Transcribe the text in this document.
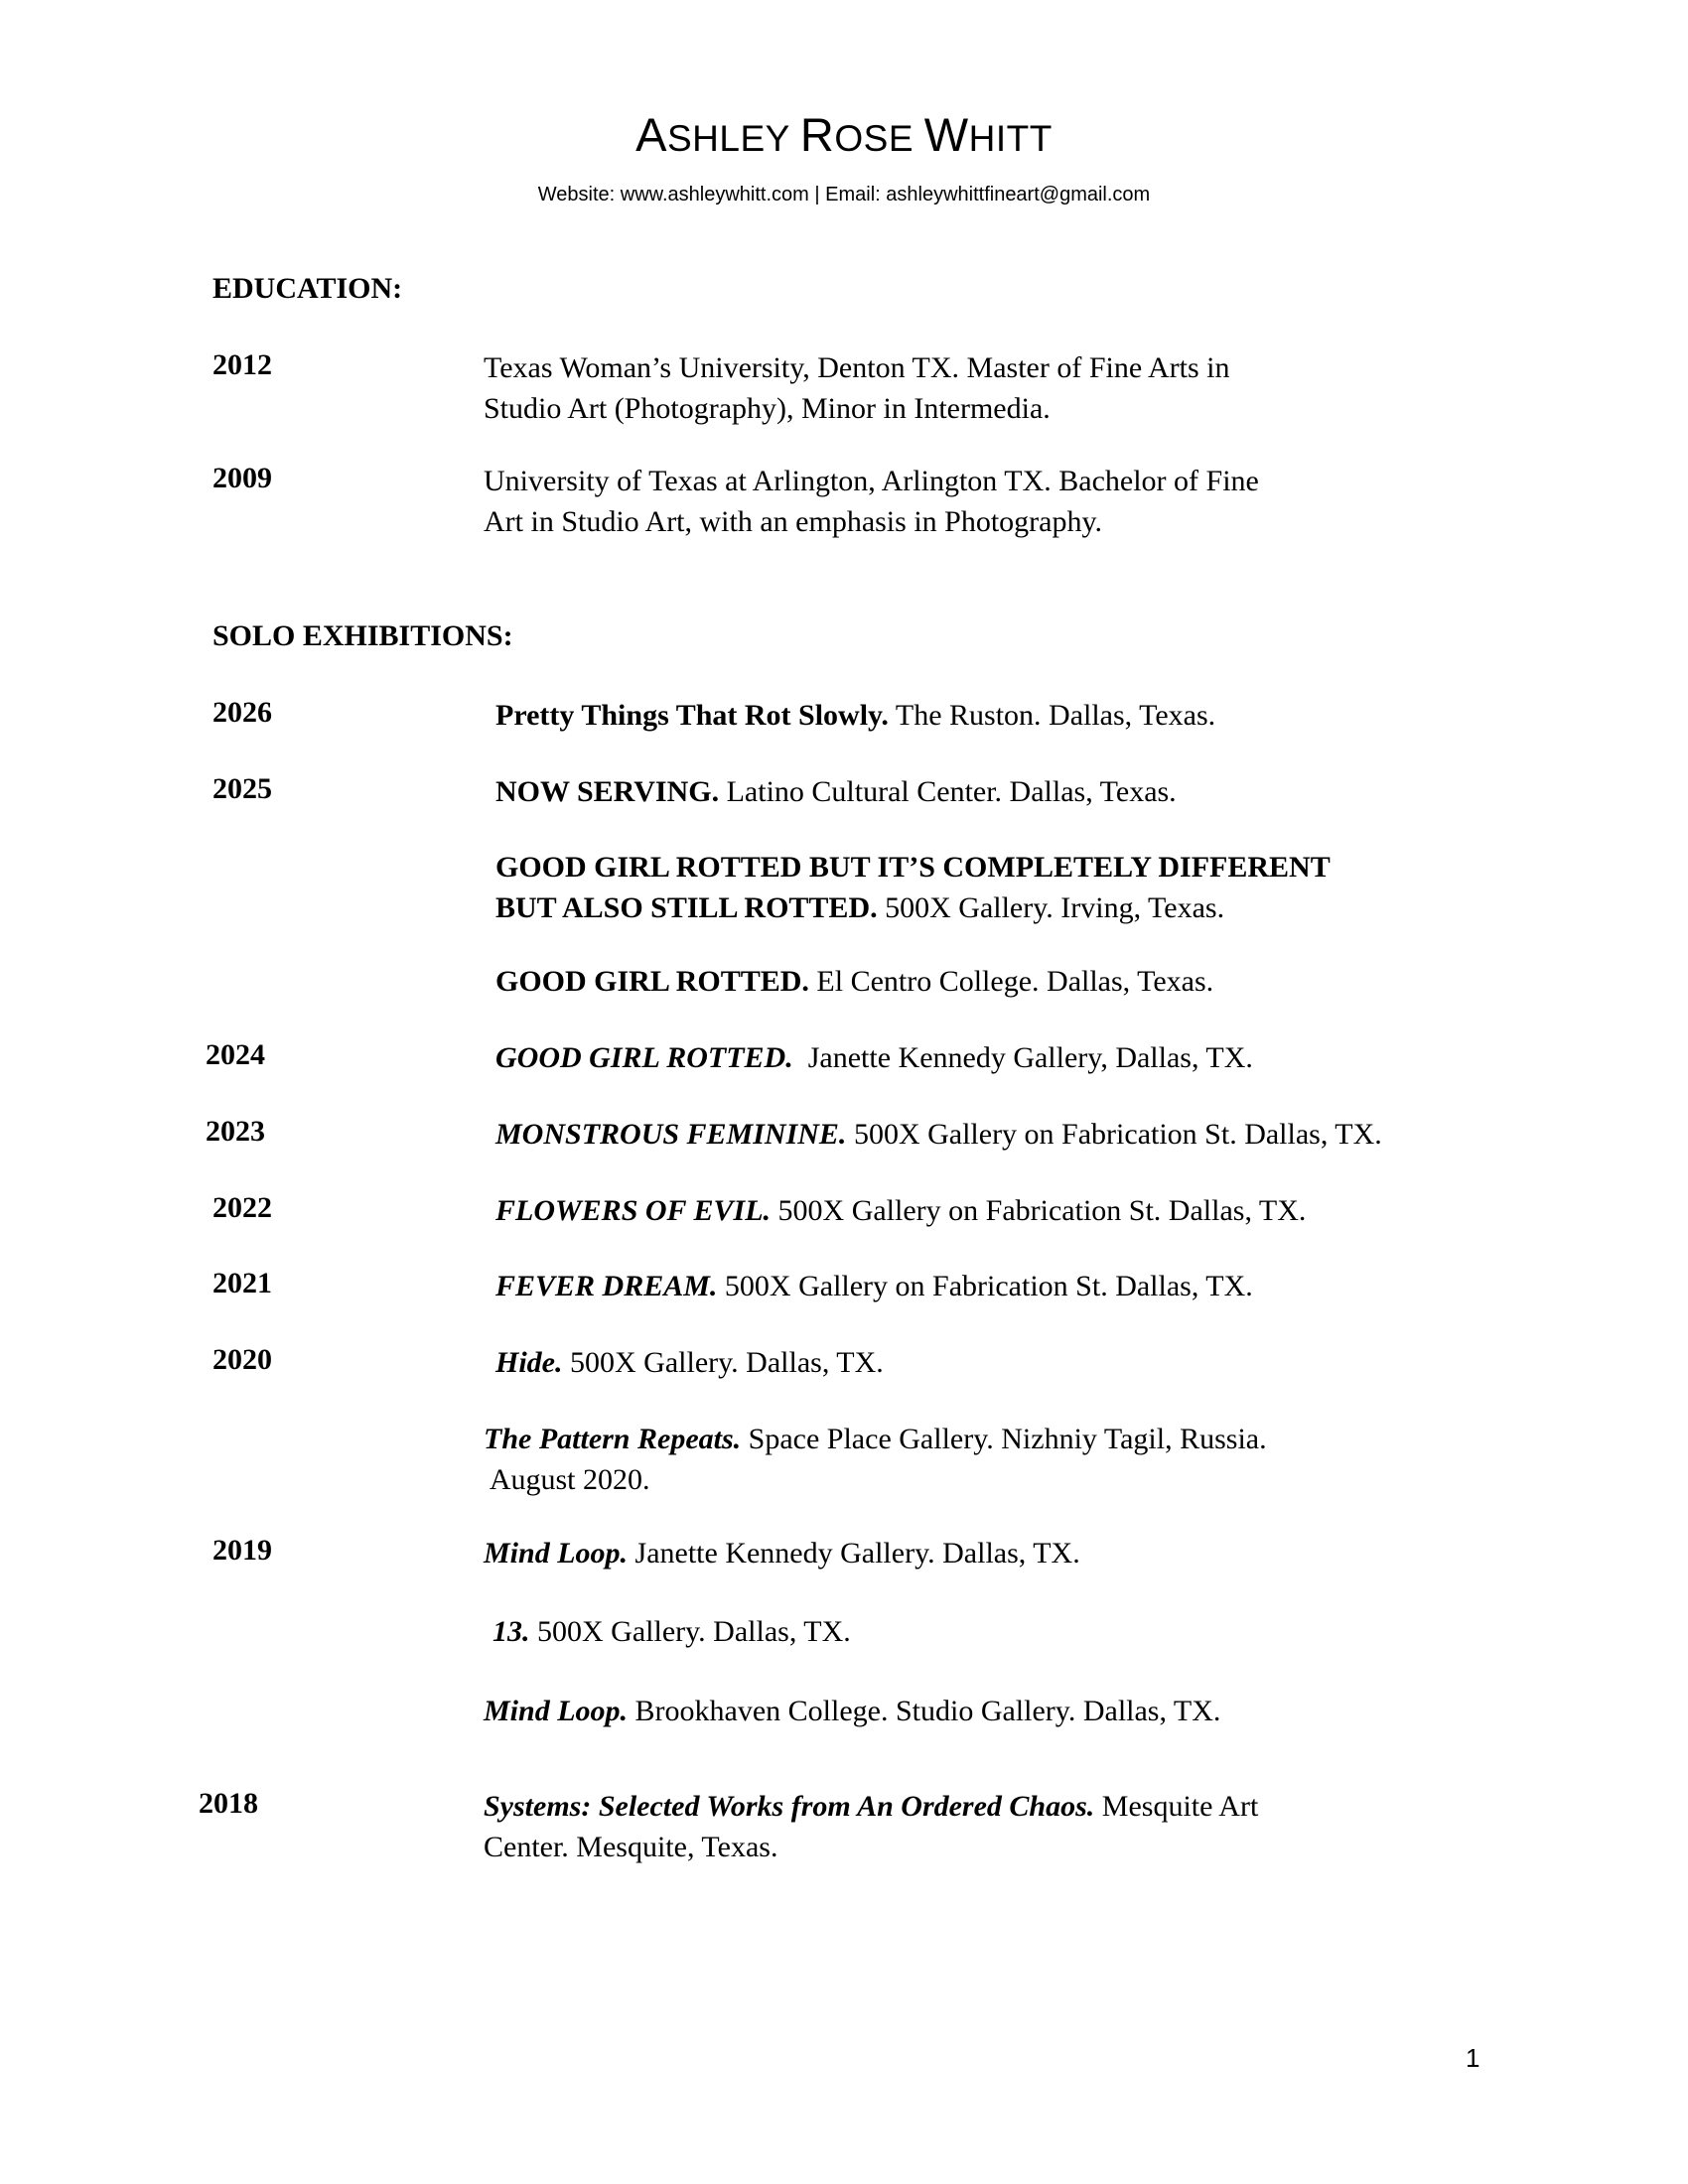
ASHLEY ROSE WHITT
Website: www.ashleywhitt.com | Email: ashleywhittfineart@gmail.com
EDUCATION:
2012	Texas Woman’s University, Denton TX. Master of Fine Arts in
Studio Art (Photography), Minor in Intermedia.
2009	University of Texas at Arlington, Arlington TX. Bachelor of Fine
Art in Studio Art, with an emphasis in Photography.
SOLO EXHIBITIONS:
2026	Pretty Things That Rot Slowly. The Ruston. Dallas, Texas.
2025	NOW SERVING. Latino Cultural Center. Dallas, Texas.
GOOD GIRL ROTTED BUT IT’S COMPLETELY DIFFERENT
BUT ALSO STILL ROTTED. 500X Gallery. Irving, Texas.
GOOD GIRL ROTTED. El Centro College. Dallas, Texas.
2024	GOOD GIRL ROTTED.  Janette Kennedy Gallery, Dallas, TX.
2023	MONSTROUS FEMININE. 500X Gallery on Fabrication St. Dallas, TX.
2022	FLOWERS OF EVIL. 500X Gallery on Fabrication St. Dallas, TX.
2021	FEVER DREAM. 500X Gallery on Fabrication St. Dallas, TX.
2020	Hide. 500X Gallery. Dallas, TX.
The Pattern Repeats. Space Place Gallery. Nizhniy Tagil, Russia.
August 2020.
2019	Mind Loop. Janette Kennedy Gallery. Dallas, TX.
13. 500X Gallery. Dallas, TX.
Mind Loop. Brookhaven College. Studio Gallery. Dallas, TX.
2018	Systems: Selected Works from An Ordered Chaos. Mesquite Art
Center. Mesquite, Texas.
1
